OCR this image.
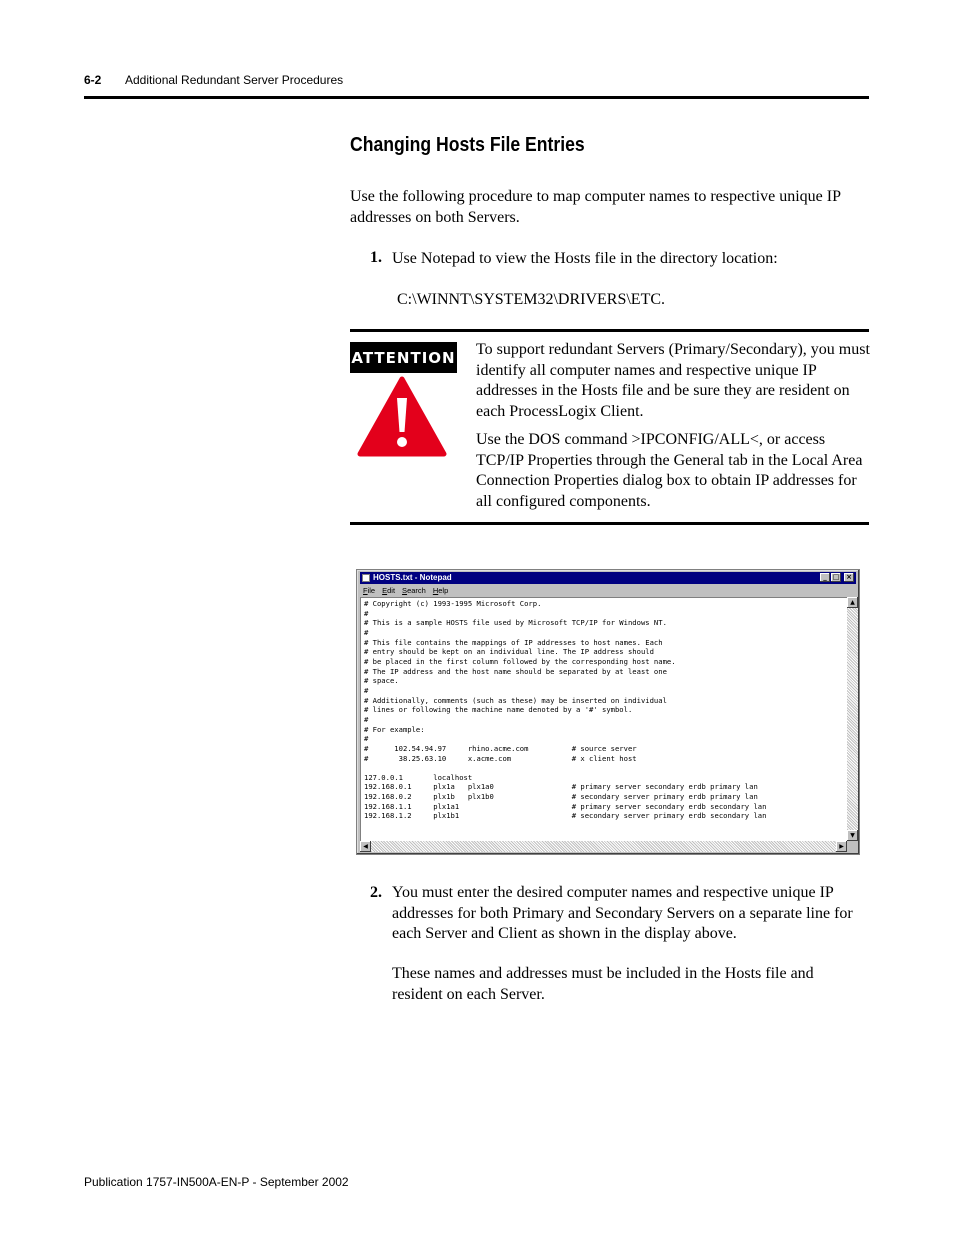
6-2 Additional Redundant Server Procedures
Changing Hosts File Entries
Use the following procedure to map computer names to respective unique IP addresses on both Servers.
1. Use Notepad to view the Hosts file in the directory location:
C:\WINNT\SYSTEM32\DRIVERS\ETC.
ATTENTION To support redundant Servers (Primary/Secondary), you must identify all computer names and respective unique IP addresses in the Hosts file and be sure they are resident on each ProcessLogix Client.
Use the DOS command >IPCONFIG/ALL<, or access TCP/IP Properties through the General tab in the Local Area Connection Properties dialog box to obtain IP addresses for all configured components.
HOSTS.txt - Notepad	_ □ ×
File Edit Search Help
# Copyright (c) 1993-1995 Microsoft Corp.
#
# This is a sample HOSTS file used by Microsoft TCP/IP for Windows NT.
#
# This file contains the mappings of IP addresses to host names. Each
# entry should be kept on an individual line. The IP address should
# be placed in the first column followed by the corresponding host name.
# The IP address and the host name should be separated by at least one
# space.
#
# Additionally, comments (such as these) may be inserted on individual
# lines or following the machine name denoted by a '#' symbol.
#
# For example:
#
#      102.54.94.97     rhino.acme.com          # source server
#       38.25.63.10     x.acme.com              # x client host

127.0.0.1       localhost
192.168.0.1     plx1a   plx1a0                  # primary server secondary erdb primary lan
192.168.0.2     plx1b   plx1b0                  # secondary server primary erdb primary lan
192.168.1.1     plx1a1                          # primary server secondary erdb secondary lan
192.168.1.2     plx1b1                          # secondary server primary erdb secondary lan
▲
▼
◀	▶
2. You must enter the desired computer names and respective unique IP addresses for both Primary and Secondary Servers on a separate line for each Server and Client as shown in the display above.
These names and addresses must be included in the Hosts file and resident on each Server.
Publication 1757-IN500A-EN-P - September 2002
